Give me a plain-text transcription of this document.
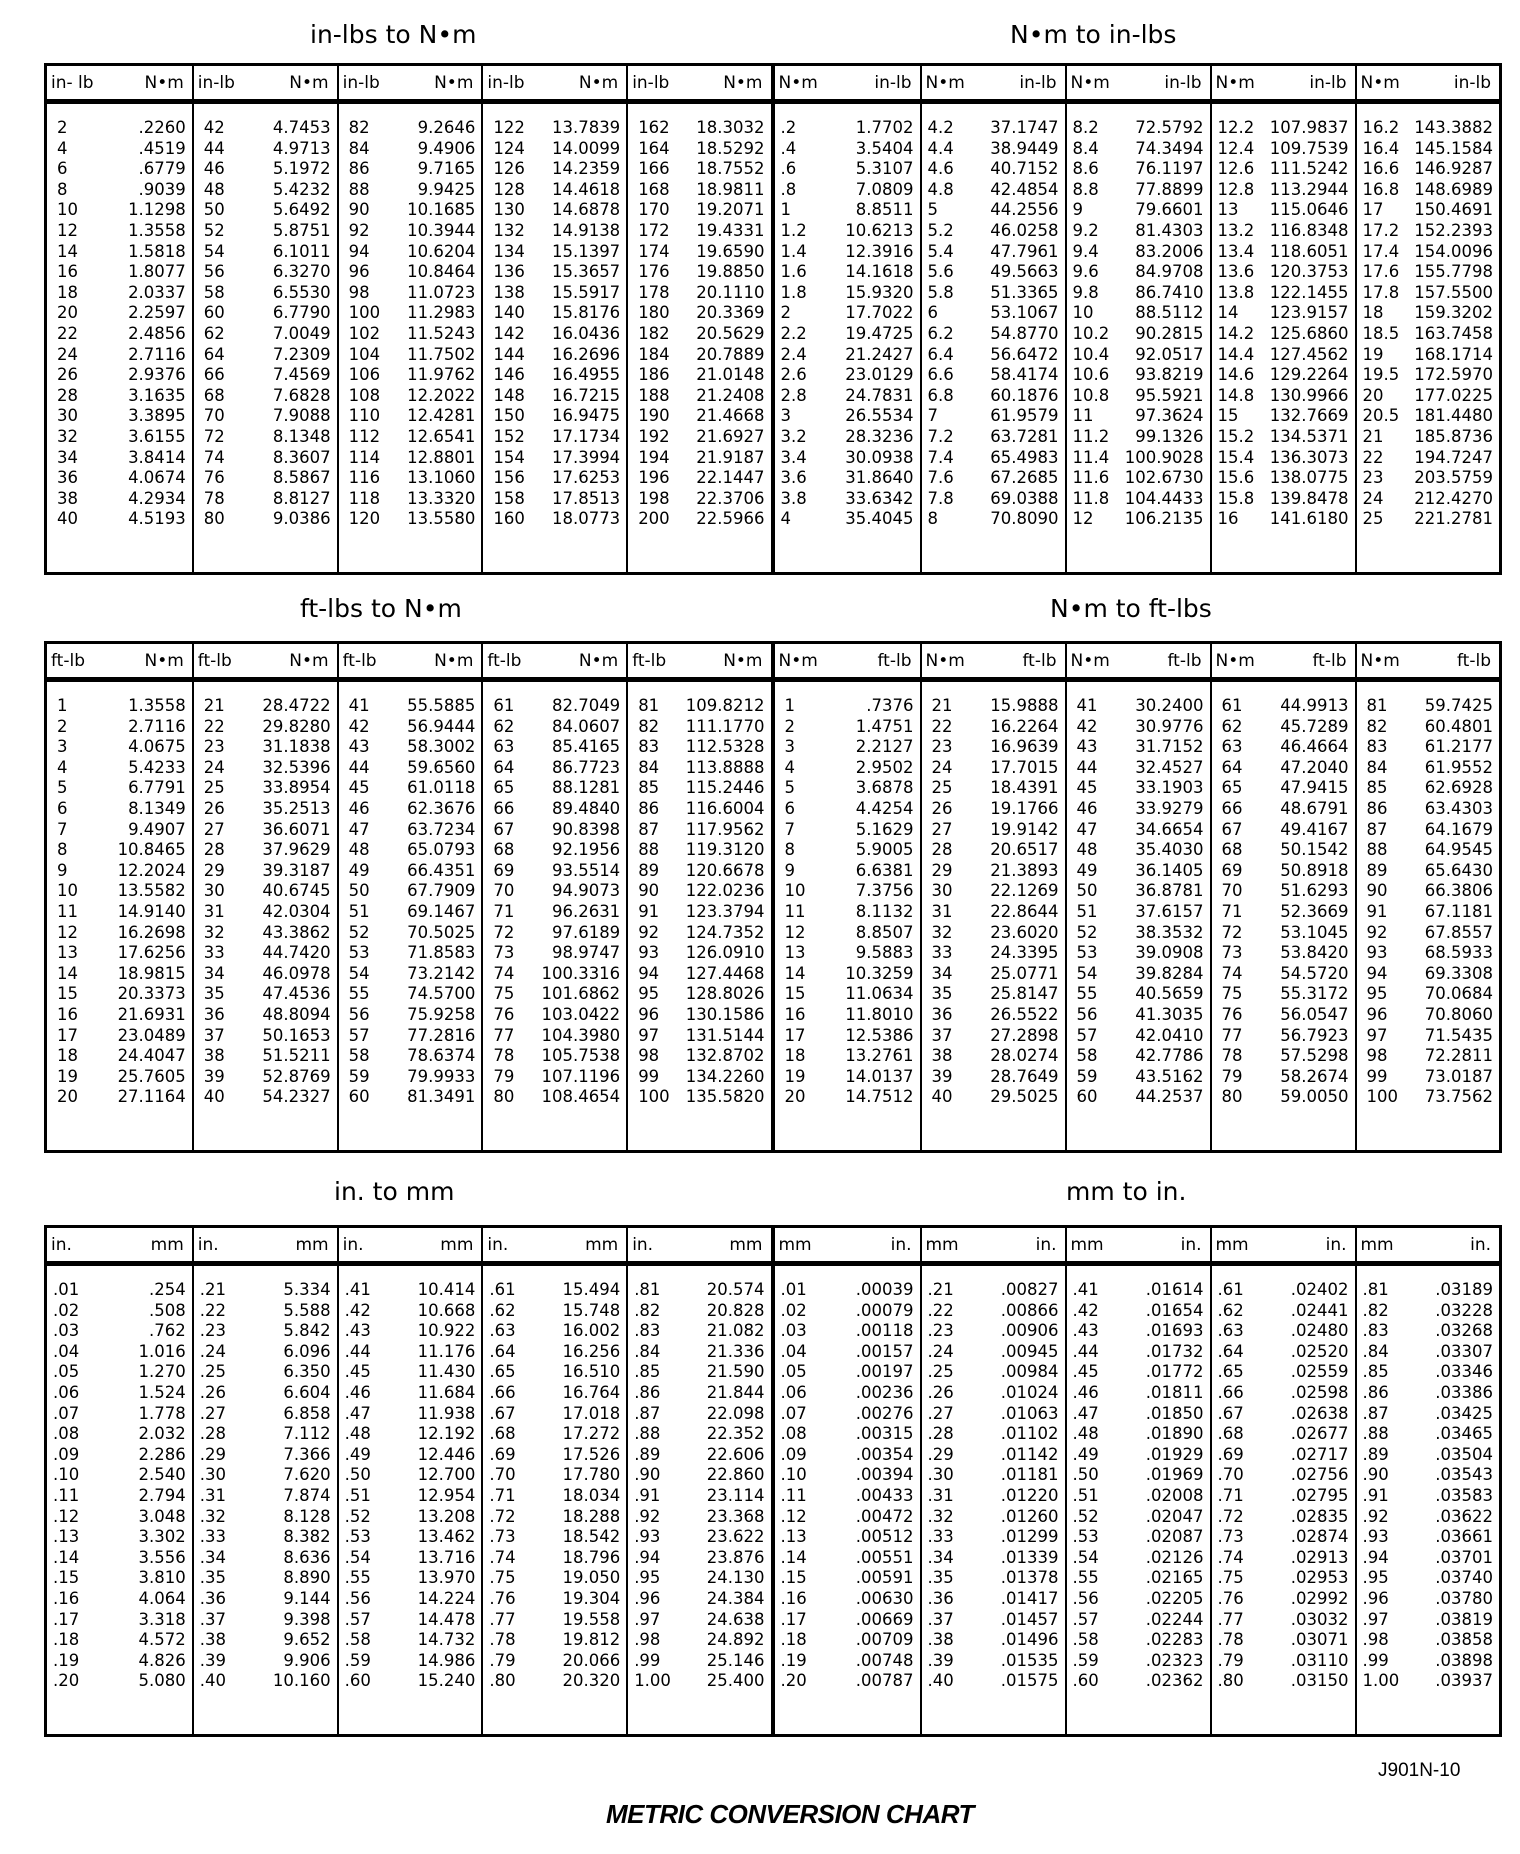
in-lbs to N•m	N•m to in-lbs
ft-lbs to N•m	N•m to ft-lbs
in. to mm	mm to in.
in- lb	N•m
2	.2260
4	.4519
6	.6779
8	.9039
10	1.1298
12	1.3558
14	1.5818
16	1.8077
18	2.0337
20	2.2597
22	2.4856
24	2.7116
26	2.9376
28	3.1635
30	3.3895
32	3.6155
34	3.8414
36	4.0674
38	4.2934
40	4.5193
in-lb	N•m
42	4.7453
44	4.9713
46	5.1972
48	5.4232
50	5.6492
52	5.8751
54	6.1011
56	6.3270
58	6.5530
60	6.7790
62	7.0049
64	7.2309
66	7.4569
68	7.6828
70	7.9088
72	8.1348
74	8.3607
76	8.5867
78	8.8127
80	9.0386
in-lb	N•m
82	9.2646
84	9.4906
86	9.7165
88	9.9425
90	10.1685
92	10.3944
94	10.6204
96	10.8464
98	11.0723
100	11.2983
102	11.5243
104	11.7502
106	11.9762
108	12.2022
110	12.4281
112	12.6541
114	12.8801
116	13.1060
118	13.3320
120	13.5580
in-lb	N•m
122	13.7839
124	14.0099
126	14.2359
128	14.4618
130	14.6878
132	14.9138
134	15.1397
136	15.3657
138	15.5917
140	15.8176
142	16.0436
144	16.2696
146	16.4955
148	16.7215
150	16.9475
152	17.1734
154	17.3994
156	17.6253
158	17.8513
160	18.0773
in-lb	N•m
162	18.3032
164	18.5292
166	18.7552
168	18.9811
170	19.2071
172	19.4331
174	19.6590
176	19.8850
178	20.1110
180	20.3369
182	20.5629
184	20.7889
186	21.0148
188	21.2408
190	21.4668
192	21.6927
194	21.9187
196	22.1447
198	22.3706
200	22.5966
N•m	in-lb
.2	1.7702
.4	3.5404
.6	5.3107
.8	7.0809
1	8.8511
1.2	10.6213
1.4	12.3916
1.6	14.1618
1.8	15.9320
2	17.7022
2.2	19.4725
2.4	21.2427
2.6	23.0129
2.8	24.7831
3	26.5534
3.2	28.3236
3.4	30.0938
3.6	31.8640
3.8	33.6342
4	35.4045
N•m	in-lb
4.2	37.1747
4.4	38.9449
4.6	40.7152
4.8	42.4854
5	44.2556
5.2	46.0258
5.4	47.7961
5.6	49.5663
5.8	51.3365
6	53.1067
6.2	54.8770
6.4	56.6472
6.6	58.4174
6.8	60.1876
7	61.9579
7.2	63.7281
7.4	65.4983
7.6	67.2685
7.8	69.0388
8	70.8090
N•m	in-lb
8.2	72.5792
8.4	74.3494
8.6	76.1197
8.8	77.8899
9	79.6601
9.2	81.4303
9.4	83.2006
9.6	84.9708
9.8	86.7410
10	88.5112
10.2	90.2815
10.4	92.0517
10.6	93.8219
10.8	95.5921
11	97.3624
11.2	99.1326
11.4 100.9028
11.6 102.6730
11.8 104.4433
12	106.2135
N•m	in-lb
12.2 107.9837
12.4 109.7539
12.6 111.5242
12.8 113.2944
13	115.0646
13.2 116.8348
13.4 118.6051
13.6 120.3753
13.8 122.1455
14	123.9157
14.2 125.6860
14.4 127.4562
14.6 129.2264
14.8 130.9966
15	132.7669
15.2 134.5371
15.4 136.3073
15.6 138.0775
15.8 139.8478
16	141.6180
N•m	in-lb
16.2 143.3882
16.4 145.1584
16.6 146.9287
16.8 148.6989
17	150.4691
17.2 152.2393
17.4 154.0096
17.6 155.7798
17.8 157.5500
18	159.3202
18.5 163.7458
19	168.1714
19.5 172.5970
20	177.0225
20.5 181.4480
21	185.8736
22	194.7247
23	203.5759
24	212.4270
25	221.2781
ft-lb	N•m
1	1.3558
2	2.7116
3	4.0675
4	5.4233
5	6.7791
6	8.1349
7	9.4907
8	10.8465
9	12.2024
10	13.5582
11	14.9140
12	16.2698
13	17.6256
14	18.9815
15	20.3373
16	21.6931
17	23.0489
18	24.4047
19	25.7605
20	27.1164
ft-lb	N•m
21	28.4722
22	29.8280
23	31.1838
24	32.5396
25	33.8954
26	35.2513
27	36.6071
28	37.9629
29	39.3187
30	40.6745
31	42.0304
32	43.3862
33	44.7420
34	46.0978
35	47.4536
36	48.8094
37	50.1653
38	51.5211
39	52.8769
40	54.2327
ft-lb	N•m
41	55.5885
42	56.9444
43	58.3002
44	59.6560
45	61.0118
46	62.3676
47	63.7234
48	65.0793
49	66.4351
50	67.7909
51	69.1467
52	70.5025
53	71.8583
54	73.2142
55	74.5700
56	75.9258
57	77.2816
58	78.6374
59	79.9933
60	81.3491
ft-lb	N•m
61	82.7049
62	84.0607
63	85.4165
64	86.7723
65	88.1281
66	89.4840
67	90.8398
68	92.1956
69	93.5514
70	94.9073
71	96.2631
72	97.6189
73	98.9747
74	100.3316
75	101.6862
76	103.0422
77	104.3980
78	105.7538
79	107.1196
80	108.4654
ft-lb	N•m
81	109.8212
82	111.1770
83	112.5328
84	113.8888
85	115.2446
86	116.6004
87	117.9562
88	119.3120
89	120.6678
90	122.0236
91	123.3794
92	124.7352
93	126.0910
94	127.4468
95	128.8026
96	130.1586
97	131.5144
98	132.8702
99	134.2260
100 135.5820
N•m	ft-lb
1	.7376
2	1.4751
3	2.2127
4	2.9502
5	3.6878
6	4.4254
7	5.1629
8	5.9005
9	6.6381
10	7.3756
11	8.1132
12	8.8507
13	9.5883
14	10.3259
15	11.0634
16	11.8010
17	12.5386
18	13.2761
19	14.0137
20	14.7512
N•m	ft-lb
21	15.9888
22	16.2264
23	16.9639
24	17.7015
25	18.4391
26	19.1766
27	19.9142
28	20.6517
29	21.3893
30	22.1269
31	22.8644
32	23.6020
33	24.3395
34	25.0771
35	25.8147
36	26.5522
37	27.2898
38	28.0274
39	28.7649
40	29.5025
N•m	ft-lb
41	30.2400
42	30.9776
43	31.7152
44	32.4527
45	33.1903
46	33.9279
47	34.6654
48	35.4030
49	36.1405
50	36.8781
51	37.6157
52	38.3532
53	39.0908
54	39.8284
55	40.5659
56	41.3035
57	42.0410
58	42.7786
59	43.5162
60	44.2537
N•m	ft-lb
61	44.9913
62	45.7289
63	46.4664
64	47.2040
65	47.9415
66	48.6791
67	49.4167
68	50.1542
69	50.8918
70	51.6293
71	52.3669
72	53.1045
73	53.8420
74	54.5720
75	55.3172
76	56.0547
77	56.7923
78	57.5298
79	58.2674
80	59.0050
N•m	ft-lb
81	59.7425
82	60.4801
83	61.2177
84	61.9552
85	62.6928
86	63.4303
87	64.1679
88	64.9545
89	65.6430
90	66.3806
91	67.1181
92	67.8557
93	68.5933
94	69.3308
95	70.0684
96	70.8060
97	71.5435
98	72.2811
99	73.0187
100	73.7562
in.	mm
.01	.254
.02	.508
.03	.762
.04	1.016
.05	1.270
.06	1.524
.07	1.778
.08	2.032
.09	2.286
.10	2.540
.11	2.794
.12	3.048
.13	3.302
.14	3.556
.15	3.810
.16	4.064
.17	3.318
.18	4.572
.19	4.826
.20	5.080
in.	mm
.21	5.334
.22	5.588
.23	5.842
.24	6.096
.25	6.350
.26	6.604
.27	6.858
.28	7.112
.29	7.366
.30	7.620
.31	7.874
.32	8.128
.33	8.382
.34	8.636
.35	8.890
.36	9.144
.37	9.398
.38	9.652
.39	9.906
.40	10.160
in.	mm
.41	10.414
.42	10.668
.43	10.922
.44	11.176
.45	11.430
.46	11.684
.47	11.938
.48	12.192
.49	12.446
.50	12.700
.51	12.954
.52	13.208
.53	13.462
.54	13.716
.55	13.970
.56	14.224
.57	14.478
.58	14.732
.59	14.986
.60	15.240
in.	mm
.61	15.494
.62	15.748
.63	16.002
.64	16.256
.65	16.510
.66	16.764
.67	17.018
.68	17.272
.69	17.526
.70	17.780
.71	18.034
.72	18.288
.73	18.542
.74	18.796
.75	19.050
.76	19.304
.77	19.558
.78	19.812
.79	20.066
.80	20.320
in.	mm
.81	20.574
.82	20.828
.83	21.082
.84	21.336
.85	21.590
.86	21.844
.87	22.098
.88	22.352
.89	22.606
.90	22.860
.91	23.114
.92	23.368
.93	23.622
.94	23.876
.95	24.130
.96	24.384
.97	24.638
.98	24.892
.99	25.146
1.00	25.400
mm	in.
.01	.00039
.02	.00079
.03	.00118
.04	.00157
.05	.00197
.06	.00236
.07	.00276
.08	.00315
.09	.00354
.10	.00394
.11	.00433
.12	.00472
.13	.00512
.14	.00551
.15	.00591
.16	.00630
.17	.00669
.18	.00709
.19	.00748
.20	.00787
mm	in.
.21	.00827
.22	.00866
.23	.00906
.24	.00945
.25	.00984
.26	.01024
.27	.01063
.28	.01102
.29	.01142
.30	.01181
.31	.01220
.32	.01260
.33	.01299
.34	.01339
.35	.01378
.36	.01417
.37	.01457
.38	.01496
.39	.01535
.40	.01575
mm	in.
.41	.01614
.42	.01654
.43	.01693
.44	.01732
.45	.01772
.46	.01811
.47	.01850
.48	.01890
.49	.01929
.50	.01969
.51	.02008
.52	.02047
.53	.02087
.54	.02126
.55	.02165
.56	.02205
.57	.02244
.58	.02283
.59	.02323
.60	.02362
mm	in.
.61	.02402
.62	.02441
.63	.02480
.64	.02520
.65	.02559
.66	.02598
.67	.02638
.68	.02677
.69	.02717
.70	.02756
.71	.02795
.72	.02835
.73	.02874
.74	.02913
.75	.02953
.76	.02992
.77	.03032
.78	.03071
.79	.03110
.80	.03150
mm	in.
.81	.03189
.82	.03228
.83	.03268
.84	.03307
.85	.03346
.86	.03386
.87	.03425
.88	.03465
.89	.03504
.90	.03543
.91	.03583
.92	.03622
.93	.03661
.94	.03701
.95	.03740
.96	.03780
.97	.03819
.98	.03858
.99	.03898
1.00	.03937
J901N-10
METRIC CONVERSION CHART
